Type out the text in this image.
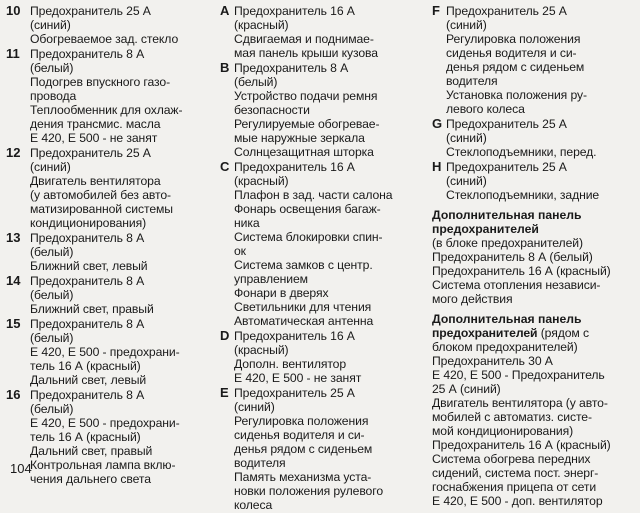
10 Предохранитель 25 А
(синий)
Обогреваемое зад. стекло
11 Предохранитель 8 А
(белый)
Подогрев впускного газо-
провода
Теплообменник для охлаж-
дения трансмис. масла
Е 420, Е 500 - не занят
12 Предохранитель 25 А
(синий)
Двигатель вентилятора
(у автомобилей без авто-
матизированной системы
кондиционирования)
13 Предохранитель 8 А
(белый)
Ближний свет, левый
14 Предохранитель 8 А
(белый)
Ближний свет, правый
15 Предохранитель 8 А
(белый)
Е 420, Е 500 - предохрани-
тель 16 А (красный)
Дальний свет, левый
16 Предохранитель 8 А
(белый)
Е 420, Е 500 - предохрани-
тель 16 А (красный)
Дальний свет, правый
Контрольная лампа вклю-
чения дальнего света
A Предохранитель 16 А
(красный)
Сдвигаемая и поднимае-
мая панель крыши кузова
B Предохранитель 8 А
(белый)
Устройство подачи ремня
безопасности
Регулируемые обогревае-
мые наружные зеркала
Солнцезащитная шторка
C Предохранитель 16 А
(красный)
Плафон в зад. части салона
Фонарь освещения багаж-
ника
Система блокировки спин-
ок
Система замков с центр.
управлением
Фонари в дверях
Светильники для чтения
Автоматическая антенна
D Предохранитель 16 А
(красный)
Дополн. вентилятор
Е 420, Е 500 - не занят
E Предохранитель 25 А
(синий)
Регулировка положения
сиденья водителя и си-
денья рядом с сиденьем
водителя
Память механизма уста-
новки положения рулевого
колеса
F Предохранитель 25 А
(синий)
Регулировка положения
сиденья водителя и си-
денья рядом с сиденьем
водителя
Установка положения ру-
левого колеса
G Предохранитель 25 А
(синий)
Стеклоподъемники, перед.
H Предохранитель 25 А
(синий)
Стеклоподъемники, задние
Дополнительная панель
предохранителей
(в блоке предохранителей)
Предохранитель 8 А (белый)
Предохранитель 16 А (красный)
Система отопления независи-
мого действия
Дополнительная панель
предохранителей (рядом с
блоком предохранителей)
Предохранитель 30 А
Е 420, Е 500 - Предохранитель
25 А (синий)
Двигатель вентилятора (у авто-
мобилей с автоматиз. систе-
мой кондиционирования)
Предохранитель 16 А (красный)
Система обогрева передних
сидений, система пост. энерг-
госнабжения прицепа от сети
Е 420, Е 500 - доп. вентилятор
104
